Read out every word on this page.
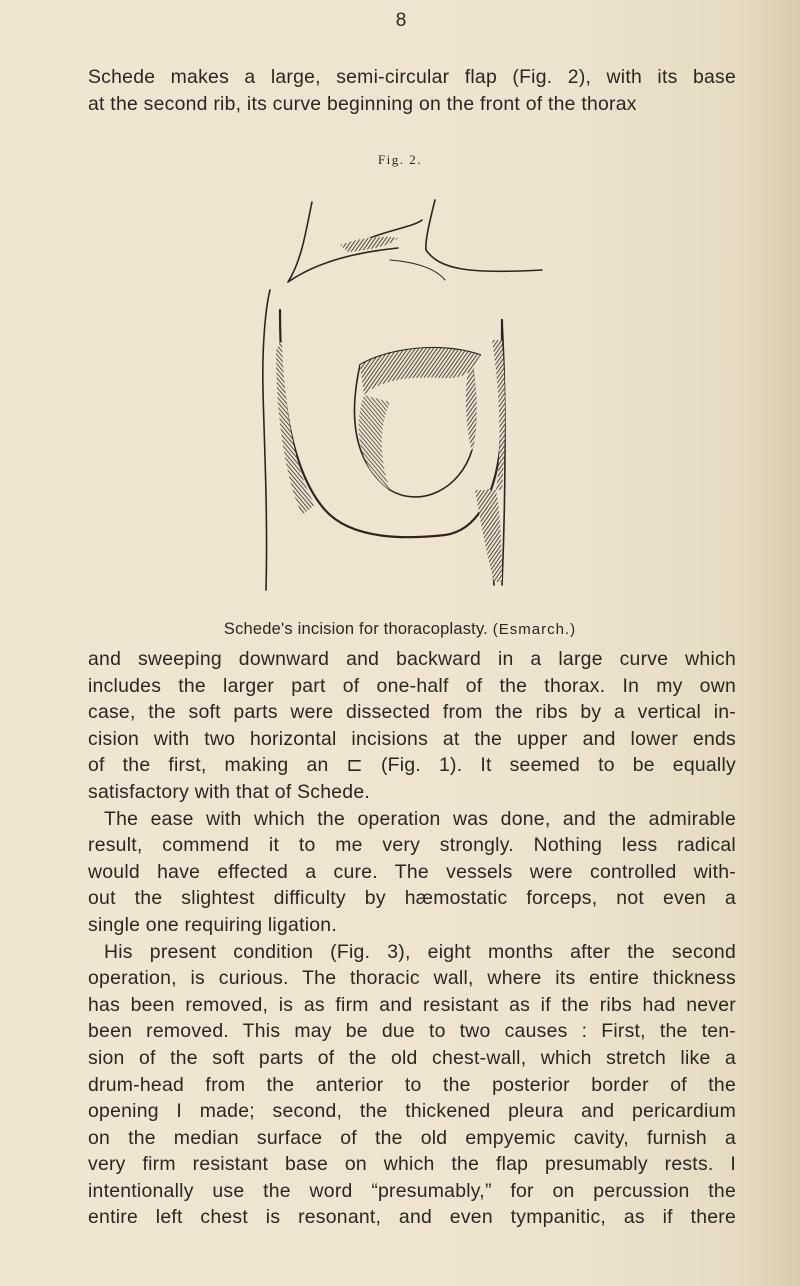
8

Schede makes a large, semi-circular flap (Fig. 2), with its base
at the second rib, its curve beginning on the front of the thorax

Fig. 2.
Schede's incision for thoracoplasty. (Esmarch.)

and sweeping downward and backward in a large curve which
includes the larger part of one-half of the thorax. In my own
case, the soft parts were dissected from the ribs by a vertical in-
cision with two horizontal incisions at the upper and lower ends
of the first, making an ⊏ (Fig. 1). It seemed to be equally
satisfactory with that of Schede.
The ease with which the operation was done, and the admirable
result, commend it to me very strongly. Nothing less radical
would have effected a cure. The vessels were controlled with-
out the slightest difficulty by hæmostatic forceps, not even a
single one requiring ligation.
His present condition (Fig. 3), eight months after the second
operation, is curious. The thoracic wall, where its entire thickness
has been removed, is as firm and resistant as if the ribs had never
been removed. This may be due to two causes : First, the ten-
sion of the soft parts of the old chest-wall, which stretch like a
drum-head from the anterior to the posterior border of the
opening I made; second, the thickened pleura and pericardium
on the median surface of the old empyemic cavity, furnish a
very firm resistant base on which the flap presumably rests. I
intentionally use the word “presumably,” for on percussion the
entire left chest is resonant, and even tympanitic, as if there
